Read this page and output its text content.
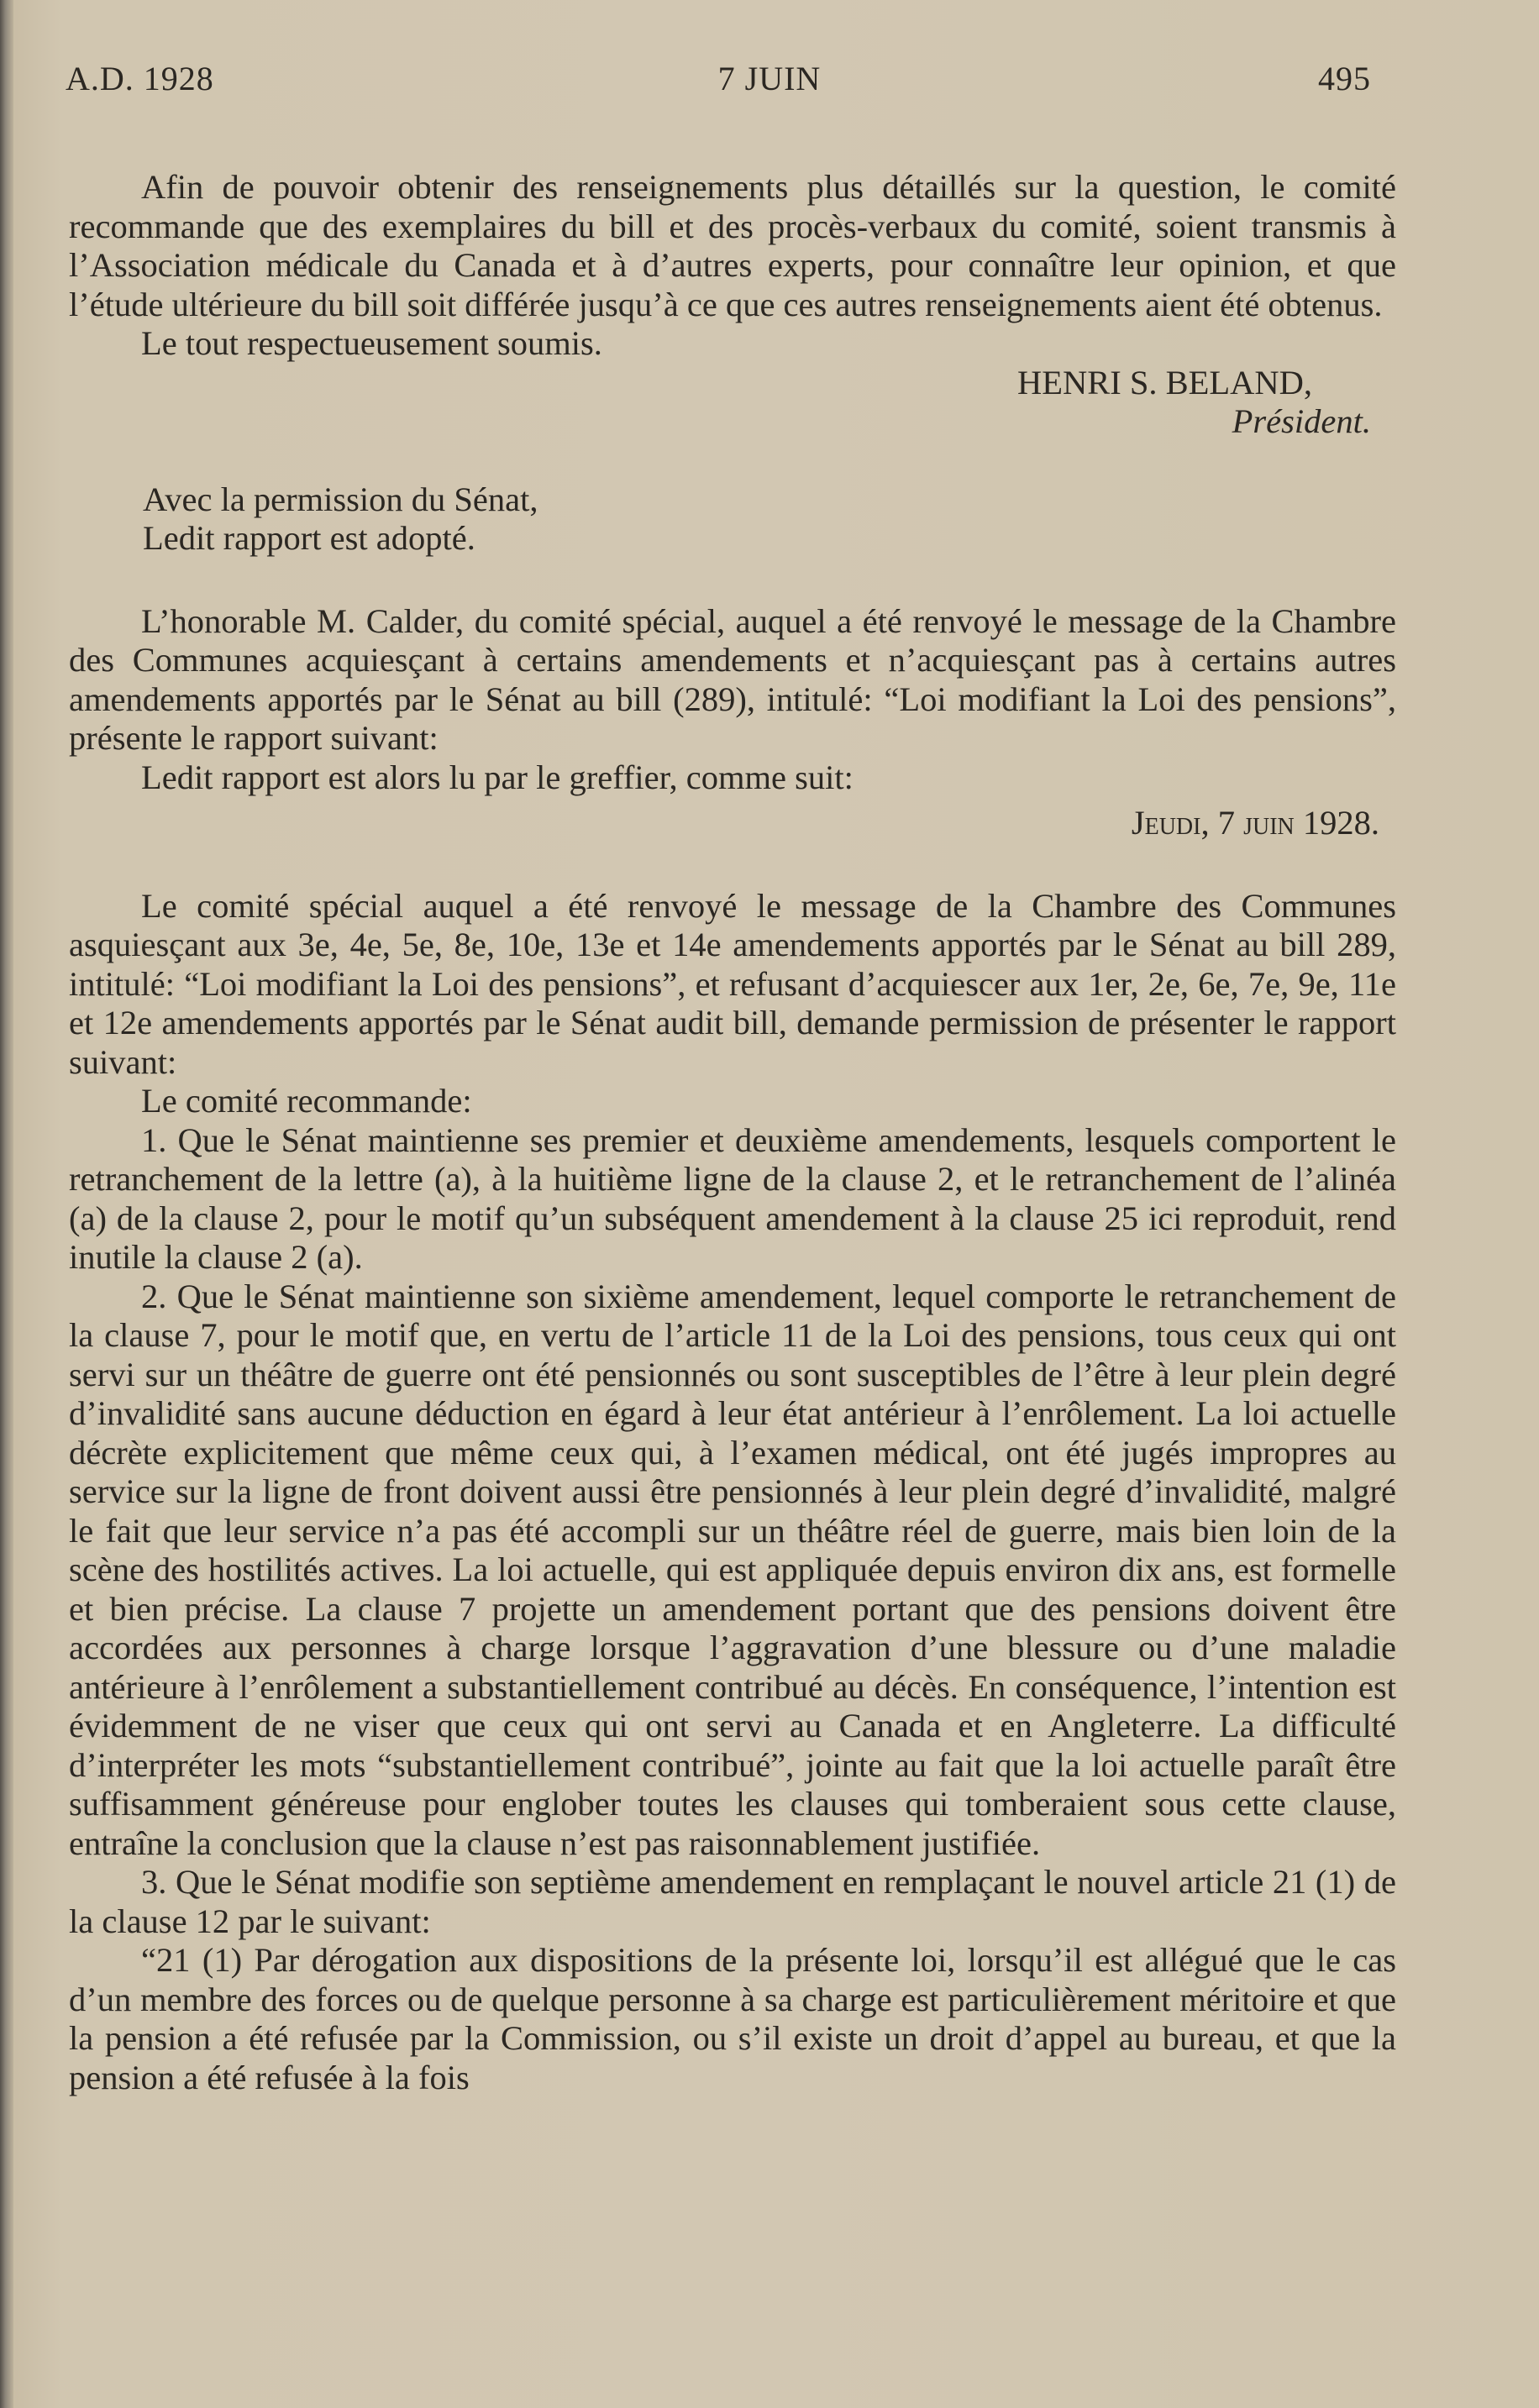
A.D. 1928	7 JUIN	495

Afin de pouvoir obtenir des renseignements plus détaillés sur la question, le comité recommande que des exemplaires du bill et des procès-verbaux du comité, soient transmis à l’Association médicale du Canada et à d’autres experts, pour connaître leur opinion, et que l’étude ultérieure du bill soit différée jusqu’à ce que ces autres renseignements aient été obtenus.

Le tout respectueusement soumis.

HENRI S. BELAND,

Président.

Avec la permission du Sénat,

Ledit rapport est adopté.

L’honorable M. Calder, du comité spécial, auquel a été renvoyé le message de la Chambre des Communes acquiesçant à certains amendements et n’acquiesçant pas à certains autres amendements apportés par le Sénat au bill (289), intitulé: “Loi modifiant la Loi des pensions”, présente le rapport suivant:

Ledit rapport est alors lu par le greffier, comme suit:

Jeudi, 7 juin 1928.

Le comité spécial auquel a été renvoyé le message de la Chambre des Communes asquiesçant aux 3e, 4e, 5e, 8e, 10e, 13e et 14e amendements apportés par le Sénat au bill 289, intitulé: “Loi modifiant la Loi des pensions”, et refusant d’acquiescer aux 1er, 2e, 6e, 7e, 9e, 11e et 12e amendements apportés par le Sénat audit bill, demande permission de présenter le rapport suivant:

Le comité recommande:

1. Que le Sénat maintienne ses premier et deuxième amendements, lesquels comportent le retranchement de la lettre (a), à la huitième ligne de la clause 2, et le retranchement de l’alinéa (a) de la clause 2, pour le motif qu’un subséquent amendement à la clause 25 ici reproduit, rend inutile la clause 2 (a).

2. Que le Sénat maintienne son sixième amendement, lequel comporte le retranchement de la clause 7, pour le motif que, en vertu de l’article 11 de la Loi des pensions, tous ceux qui ont servi sur un théâtre de guerre ont été pensionnés ou sont susceptibles de l’être à leur plein degré d’invalidité sans aucune déduction en égard à leur état antérieur à l’enrôlement. La loi actuelle décrète explicitement que même ceux qui, à l’examen médical, ont été jugés impropres au service sur la ligne de front doivent aussi être pensionnés à leur plein degré d’invalidité, malgré le fait que leur service n’a pas été accompli sur un théâtre réel de guerre, mais bien loin de la scène des hostilités actives. La loi actuelle, qui est appliquée depuis environ dix ans, est formelle et bien précise. La clause 7 projette un amendement portant que des pensions doivent être accordées aux personnes à charge lorsque l’aggravation d’une blessure ou d’une maladie antérieure à l’enrôlement a substantiellement contribué au décès. En conséquence, l’intention est évidemment de ne viser que ceux qui ont servi au Canada et en Angleterre. La difficulté d’interpréter les mots “substantiellement contribué”, jointe au fait que la loi actuelle paraît être suffisamment généreuse pour englober toutes les clauses qui tomberaient sous cette clause, entraîne la conclusion que la clause n’est pas raisonnablement justifiée.

3. Que le Sénat modifie son septième amendement en remplaçant le nouvel article 21 (1) de la clause 12 par le suivant:

“21 (1) Par dérogation aux dispositions de la présente loi, lorsqu’il est allégué que le cas d’un membre des forces ou de quelque personne à sa charge est particulièrement méritoire et que la pension a été refusée par la Commission, ou s’il existe un droit d’appel au bureau, et que la pension a été refusée à la fois
